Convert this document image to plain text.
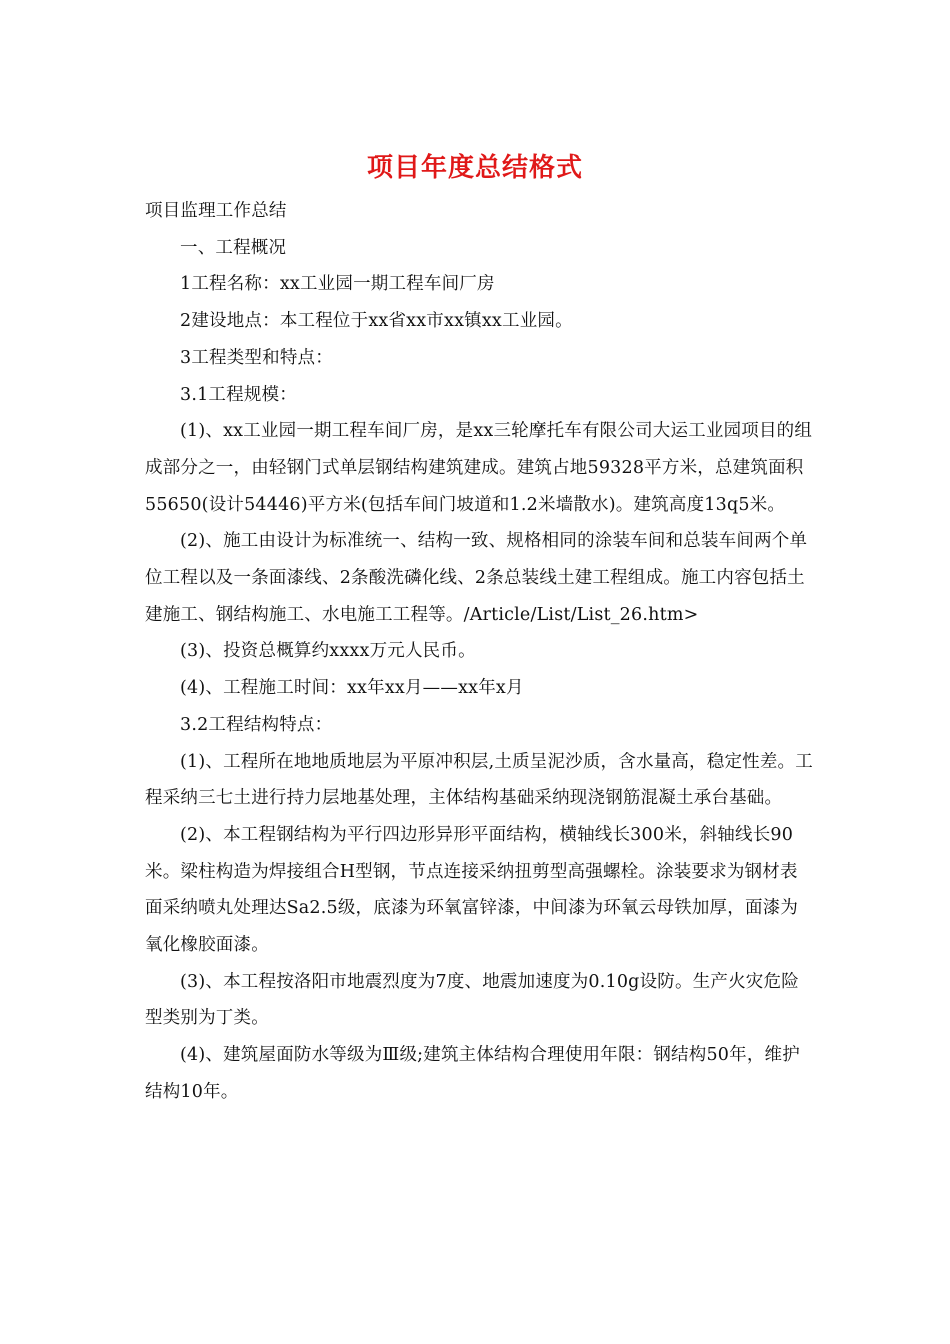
项目年度总结格式

项目监理工作总结

一、工程概况

1工程名称：xx工业园一期工程车间厂房

2建设地点：本工程位于xx省xx市xx镇xx工业园。

3工程类型和特点：

3.1工程规模：

(1)、xx工业园一期工程车间厂房，是xx三轮摩托车有限公司大运工业园项目的组成部分之一，由轻钢门式单层钢结构建筑建成。建筑占地59328平方米，总建筑面积55650(设计54446)平方米(包括车间门坡道和1.2米墙散水)。建筑高度13q5米。

(2)、施工由设计为标准统一、结构一致、规格相同的涂装车间和总装车间两个单位工程以及一条面漆线、2条酸洗磷化线、2条总装线土建工程组成。施工内容包括土建施工、钢结构施工、水电施工工程等。/Article/List/List_26.htm>

(3)、投资总概算约xxxx万元人民币。

(4)、工程施工时间：xx年xx月——xx年x月

3.2工程结构特点：

(1)、工程所在地地质地层为平原冲积层,土质呈泥沙质，含水量高，稳定性差。工程采纳三七土进行持力层地基处理，主体结构基础采纳现浇钢筋混凝土承台基础。

(2)、本工程钢结构为平行四边形异形平面结构，横轴线长300米，斜轴线长90米。梁柱构造为焊接组合H型钢，节点连接采纳扭剪型高强螺栓。涂装要求为钢材表面采纳喷丸处理达Sa2.5级，底漆为环氧富锌漆，中间漆为环氧云母铁加厚，面漆为氧化橡胶面漆。

(3)、本工程按洛阳市地震烈度为7度、地震加速度为0.10g设防。生产火灾危险型类别为丁类。

(4)、建筑屋面防水等级为Ⅲ级;建筑主体结构合理使用年限：钢结构50年，维护结构10年。
